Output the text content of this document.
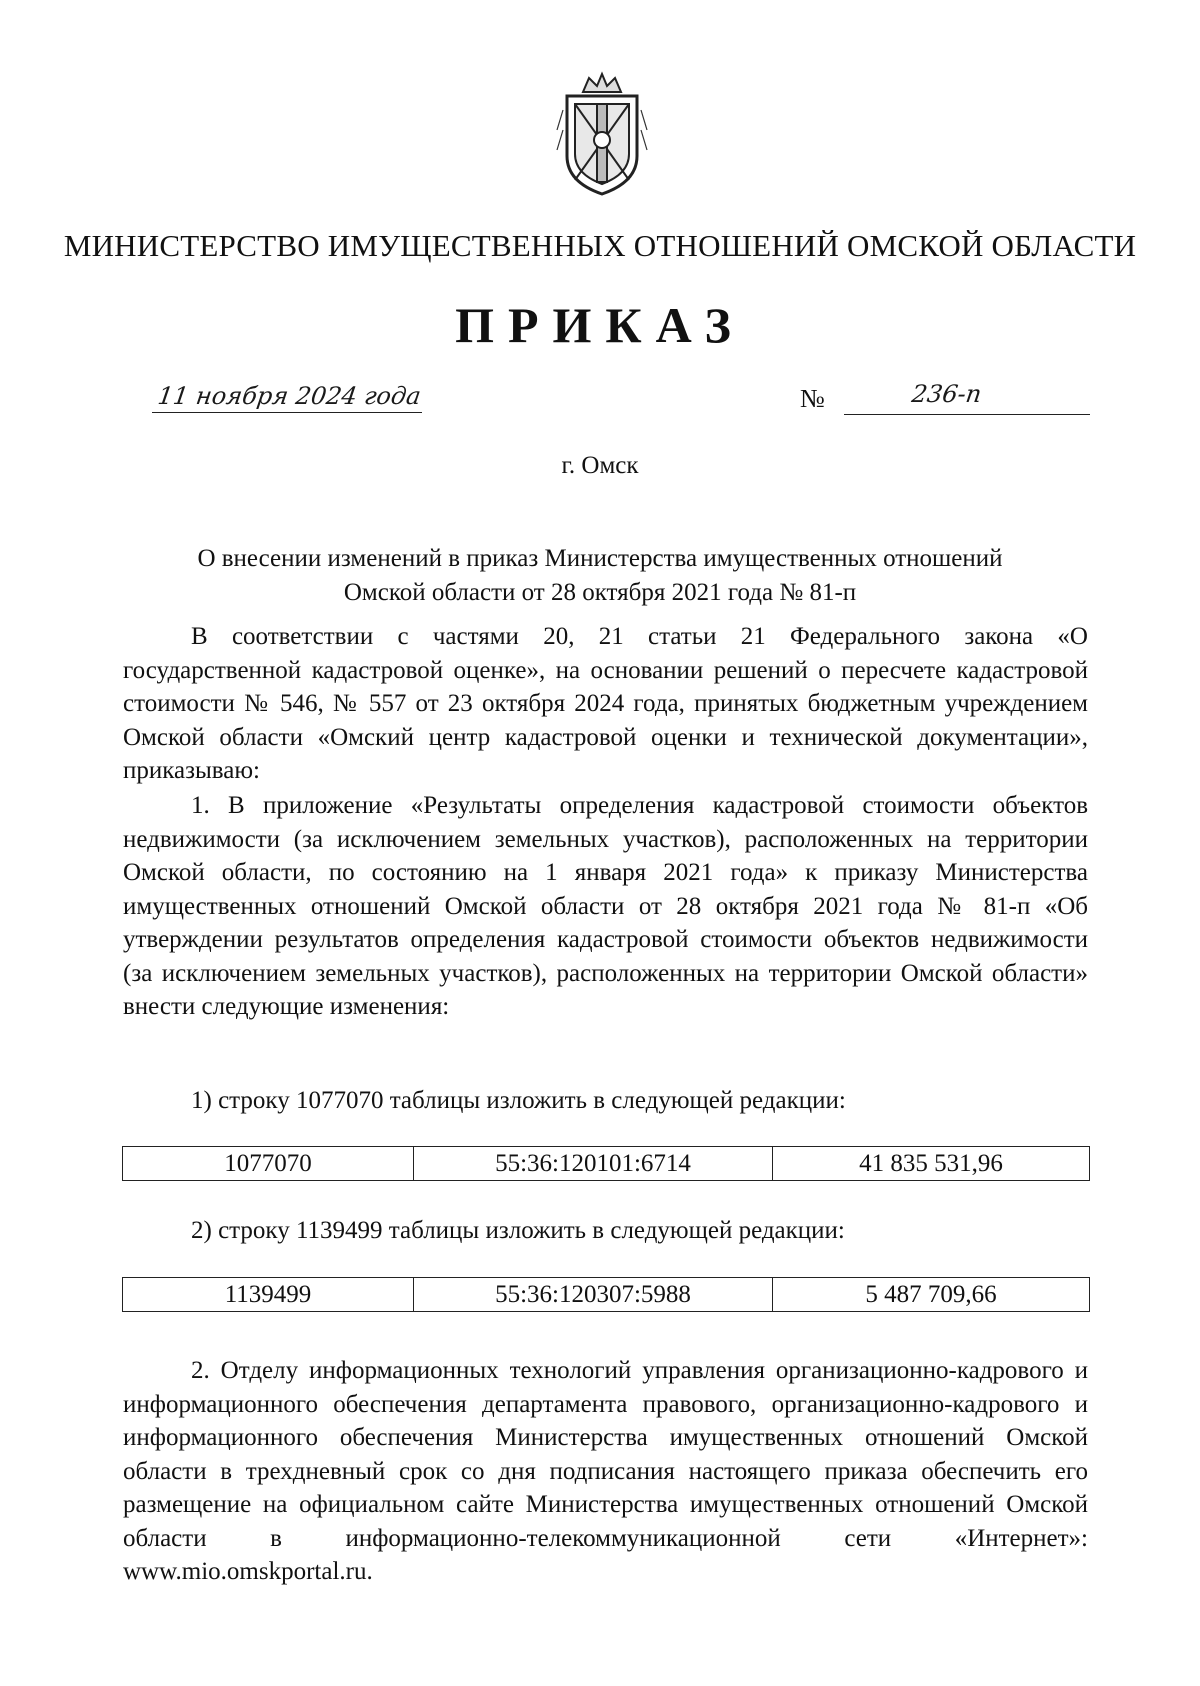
МИНИСТЕРСТВО ИМУЩЕСТВЕННЫХ ОТНОШЕНИЙ ОМСКОЙ ОБЛАСТИ
ПРИКАЗ
11 ноября 2024 года	№	236-п
г. Омск
О внесении изменений в приказ Министерства имущественных отношений
Омской области от 28 октября 2021 года № 81-п

В соответствии с частями 20, 21 статьи 21 Федерального закона «О государственной кадастровой оценке», на основании решений о пересчете кадастровой стоимости № 546, № 557 от 23 октября 2024 года, принятых бюджетным учреждением Омской области «Омский центр кадастровой оценки и технической документации», приказываю:

1. В приложение «Результаты определения кадастровой стоимости объектов недвижимости (за исключением земельных участков), расположенных на территории Омской области, по состоянию на 1 января 2021 года» к приказу Министерства имущественных отношений Омской области от 28 октября 2021 года № 81-п «Об утверждении результатов определения кадастровой стоимости объектов недвижимости (за исключением земельных участков), расположенных на территории Омской области» внести следующие изменения:

1) строку 1077070 таблицы изложить в следующей редакции:

1077070	55:36:120101:6714	41 835 531,96

2) строку 1139499 таблицы изложить в следующей редакции:

1139499	55:36:120307:5988	5 487 709,66

2. Отделу информационных технологий управления организационно-кадрового и информационного обеспечения департамента правового, организационно-кадрового и информационного обеспечения Министерства имущественных отношений Омской области в трехдневный срок со дня подписания настоящего приказа обеспечить его размещение на официальном сайте Министерства имущественных отношений Омской области в информационно-телекоммуникационной сети «Интернет»: www.mio.omskportal.ru.
